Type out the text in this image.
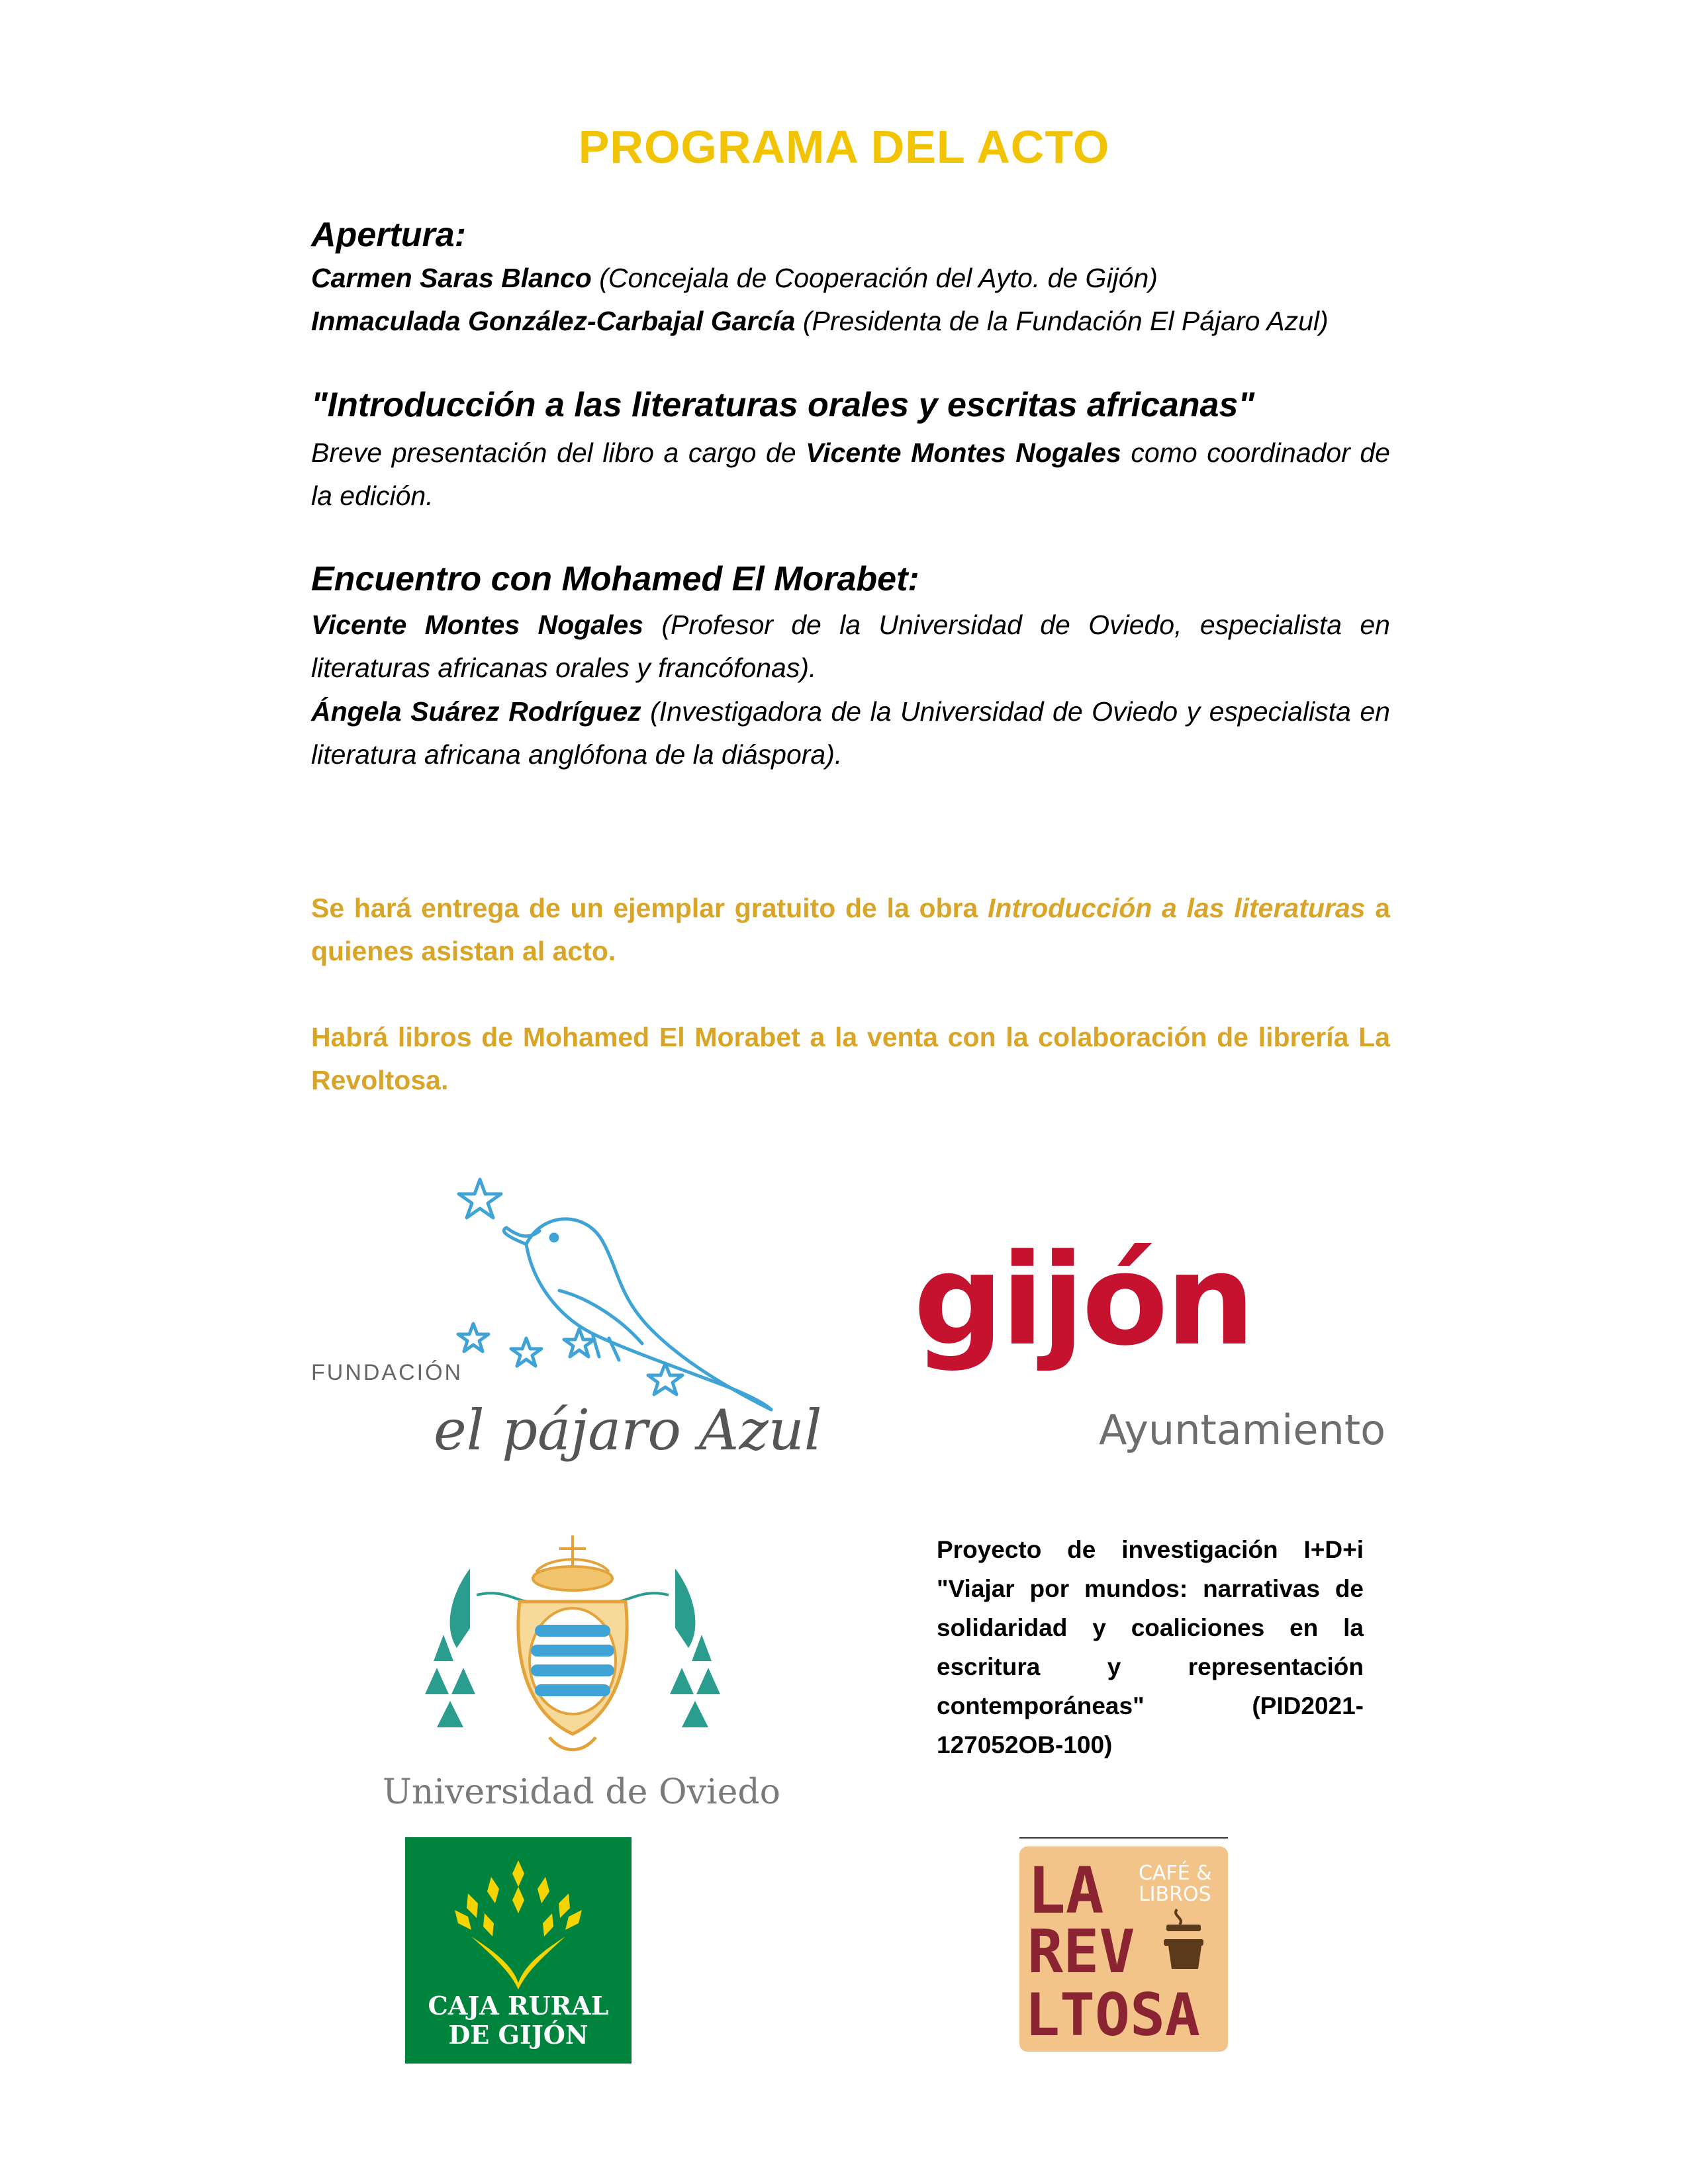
PROGRAMA DEL ACTO
Apertura:
Carmen Saras Blanco (Concejala de Cooperación del Ayto. de Gijón)
Inmaculada González-Carbajal García (Presidenta de la Fundación El Pájaro Azul)
"Introducción a las literaturas orales y escritas africanas"
Breve presentación del libro a cargo de Vicente Montes Nogales como coordinador de la edición.
Encuentro con Mohamed El Morabet:
Vicente Montes Nogales (Profesor de la Universidad de Oviedo, especialista en literaturas africanas orales y francófonas).
Ángela Suárez Rodríguez (Investigadora de la Universidad de Oviedo y especialista en literatura africana anglófona de la diáspora).
Se hará entrega de un ejemplar gratuito de la obra Introducción a las literaturas a quienes asistan al acto.
Habrá libros de Mohamed El Morabet a la venta con la colaboración de librería La Revoltosa.
FUNDACIÓN
el pájaro Azul
gijón
Ayuntamiento
Universidad de Oviedo
Proyecto de investigación I+D+i "Viajar por mundos: narrativas de solidaridad y coaliciones en la escritura y representación contemporáneas" (PID2021-127052OB-100)
CAJA RURAL
DE GIJÓN
CAFÉ &
LIBROS
LA
REV
LTOSA
